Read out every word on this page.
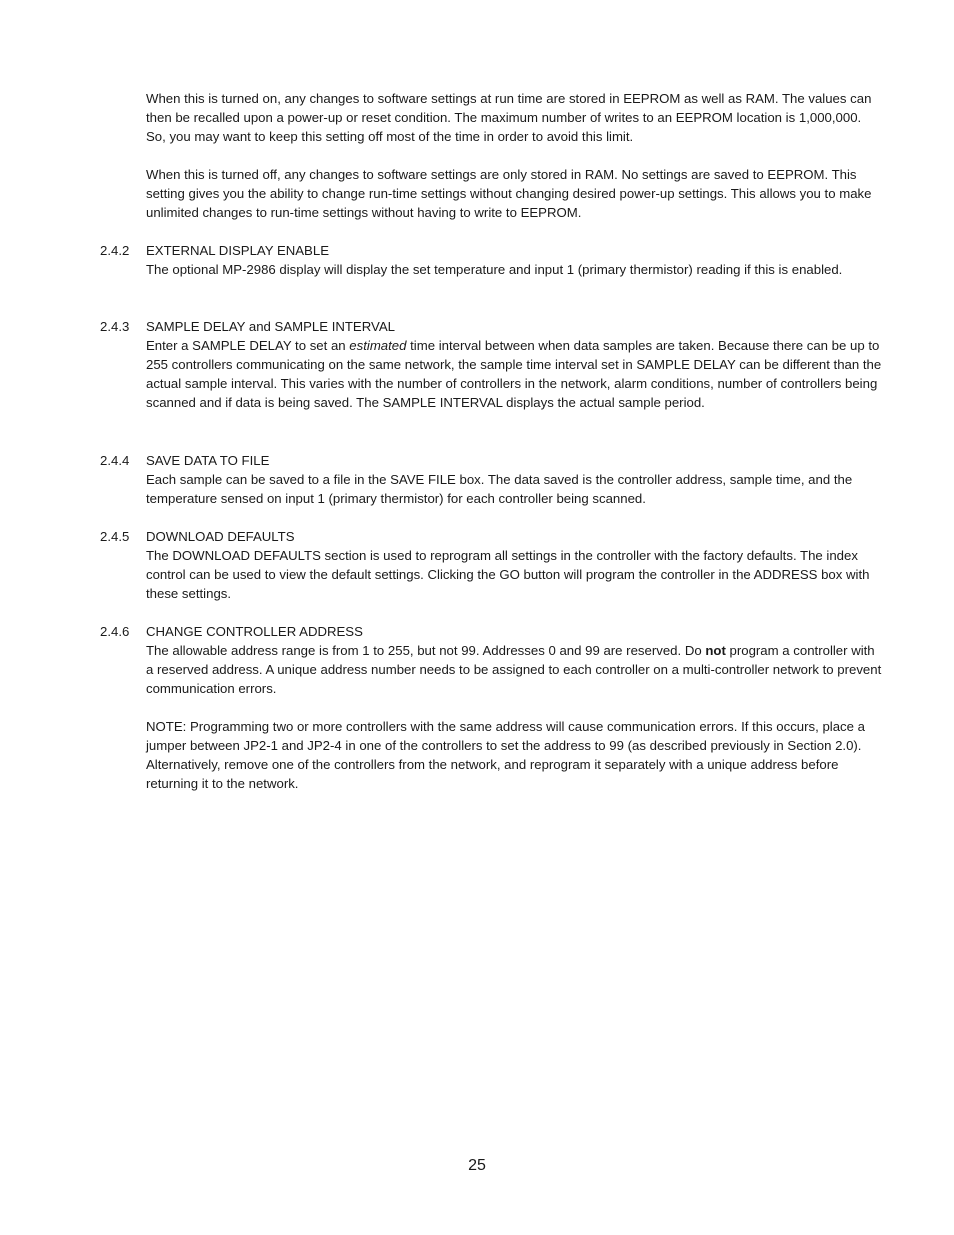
When this is turned on, any changes to software settings at run time are stored in EEPROM as well as RAM. The values can then be recalled upon a power-up or reset condition. The maximum number of writes to an EEPROM location is 1,000,000. So, you may want to keep this setting off most of the time in order to avoid this limit.

When this is turned off, any changes to software settings are only stored in RAM. No settings are saved to EEPROM. This setting gives you the ability to change run-time settings without changing desired power-up settings. This allows you to make unlimited changes to run-time settings without having to write to EEPROM.

2.4.2 EXTERNAL DISPLAY ENABLE

The optional MP-2986 display will display the set temperature and input 1 (primary thermistor) reading if this is enabled.

2.4.3 SAMPLE DELAY and SAMPLE INTERVAL

Enter a SAMPLE DELAY to set an estimated time interval between when data samples are taken. Because there can be up to 255 controllers communicating on the same network, the sample time interval set in SAMPLE DELAY can be different than the actual sample interval. This varies with the number of controllers in the network, alarm conditions, number of controllers being scanned and if data is being saved. The SAMPLE INTERVAL displays the actual sample period.

2.4.4 SAVE DATA TO FILE

Each sample can be saved to a file in the SAVE FILE box. The data saved is the controller address, sample time, and the temperature sensed on input 1 (primary thermistor) for each controller being scanned.

2.4.5 DOWNLOAD DEFAULTS

The DOWNLOAD DEFAULTS section is used to reprogram all settings in the controller with the factory defaults. The index control can be used to view the default settings. Clicking the GO button will program the controller in the ADDRESS box with these settings.

2.4.6 CHANGE CONTROLLER ADDRESS

The allowable address range is from 1 to 255, but not 99. Addresses 0 and 99 are reserved. Do not program a controller with a reserved address. A unique address number needs to be assigned to each controller on a multi-controller network to prevent communication errors.

NOTE: Programming two or more controllers with the same address will cause communication errors. If this occurs, place a jumper between JP2-1 and JP2-4 in one of the controllers to set the address to 99 (as described previously in Section 2.0). Alternatively, remove one of the controllers from the network, and reprogram it separately with a unique address before returning it to the network.

25
